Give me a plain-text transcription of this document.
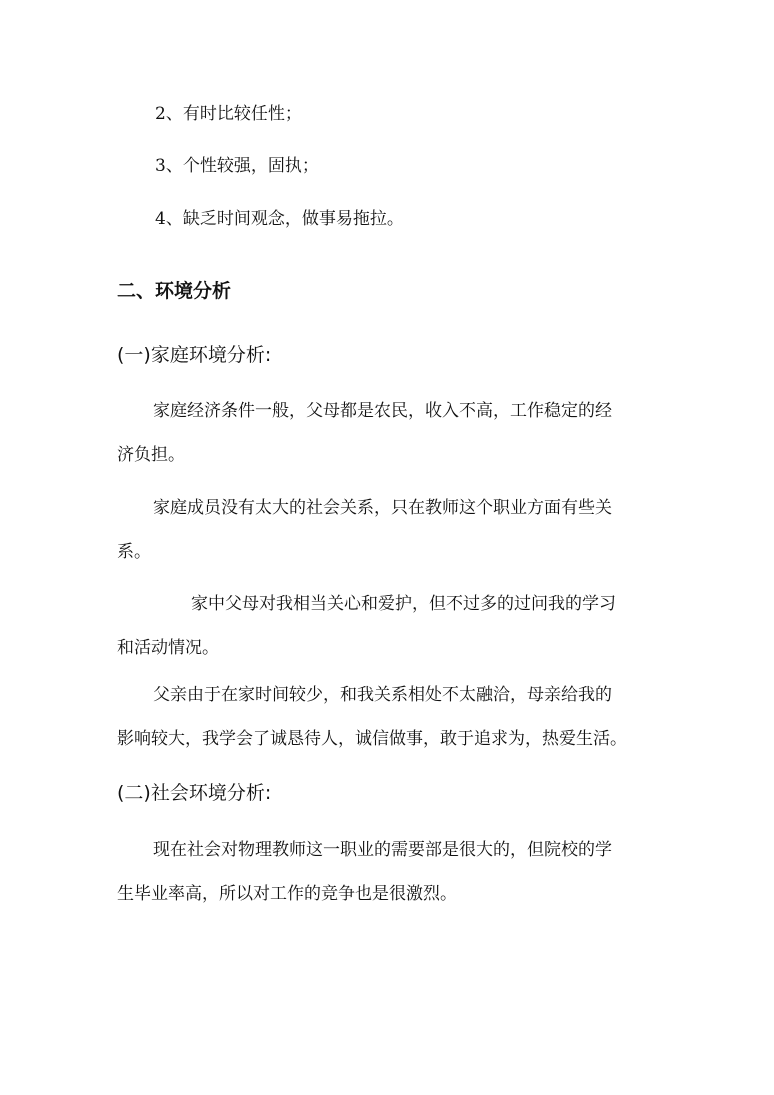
2、有时比较任性；
3、个性较强，固执；
4、缺乏时间观念，做事易拖拉。
二、环境分析
(一)家庭环境分析:
家庭经济条件一般，父母都是农民，收入不高，工作稳定的经
济负担。
家庭成员没有太大的社会关系，只在教师这个职业方面有些关
系。
家中父母对我相当关心和爱护，但不过多的过问我的学习
和活动情况。
父亲由于在家时间较少，和我关系相处不太融洽，母亲给我的
影响较大，我学会了诚恳待人，诚信做事，敢于追求为，热爱生活。
(二)社会环境分析:
现在社会对物理教师这一职业的需要部是很大的，但院校的学
生毕业率高，所以对工作的竞争也是很激烈。
